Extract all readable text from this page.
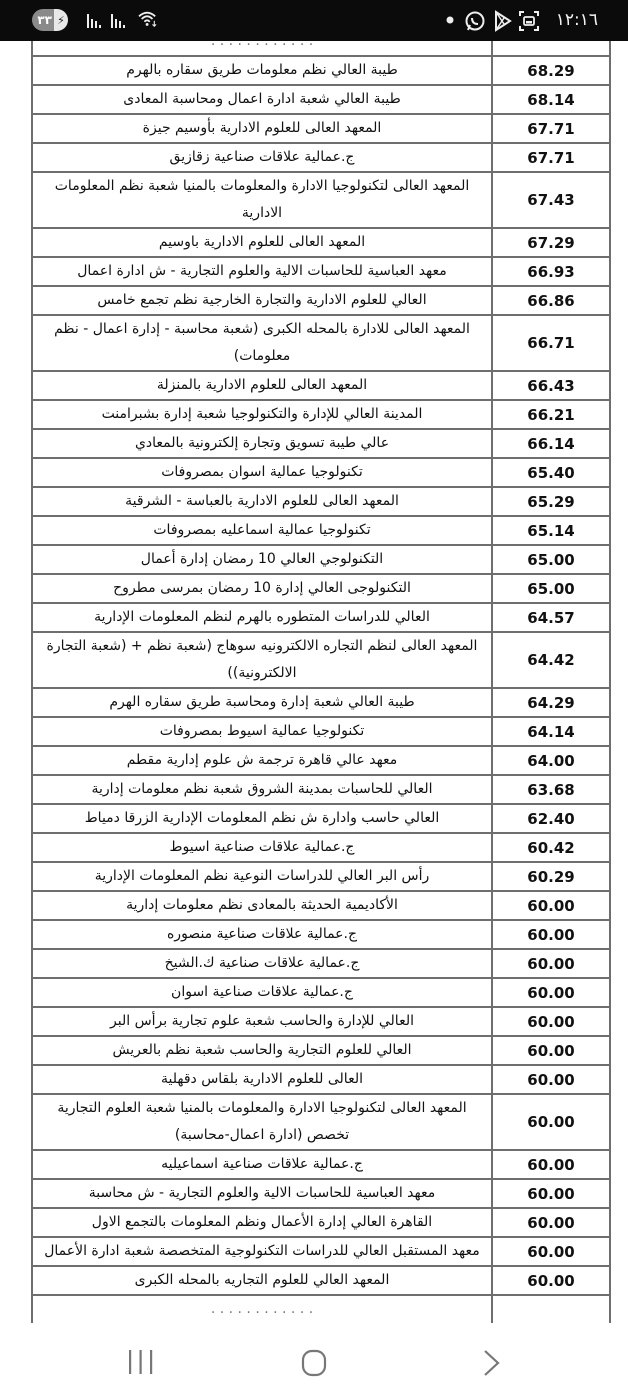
٣٣ ⚡	١٢:١٦
	. . . . . . . . . . . .
68.29	طيبة العالي نظم معلومات طريق سقاره بالهرم
68.14	طيبة العالي شعبة ادارة اعمال ومحاسبة المعادى
67.71	المعهد العالى للعلوم الادارية بأوسيم جيزة
67.71	ج.عمالية علاقات صناعية زقازيق
67.43	المعهد العالى لتكنولوجيا الادارة والمعلومات بالمنيا شعبة نظم المعلومات الادارية
67.29	المعهد العالى للعلوم الادارية باوسيم
66.93	معهد العباسية للحاسبات الالية والعلوم التجارية - ش ادارة اعمال
66.86	العالي للعلوم الادارية والتجارة الخارجية نظم تجمع خامس
66.71	المعهد العالى للادارة بالمحله الكبرى (شعبة محاسبة - إدارة اعمال - نظم معلومات)
66.43	المعهد العالى للعلوم الادارية بالمنزلة
66.21	المدينة العالي للإدارة والتكنولوجيا شعبة إدارة بشبرامنت
66.14	عالي طيبة تسويق وتجارة إلكترونية بالمعادي
65.40	تكنولوجيا عمالية اسوان بمصروفات
65.29	المعهد العالى للعلوم الادارية بالعباسة - الشرقية
65.14	تكنولوجيا عمالية اسماعليه بمصروفات
65.00	التكنولوجي العالي 10 رمضان إدارة أعمال
65.00	التكنولوجى العالي إدارة 10 رمضان بمرسى مطروح
64.57	العالي للدراسات المتطوره بالهرم لنظم المعلومات الإدارية
64.42	المعهد العالى لنظم التجاره الالكترونيه سوهاج (شعبة نظم + (شعبة التجارة الالكترونية))
64.29	طيبة العالي شعبة إدارة ومحاسبة طريق سقاره الهرم
64.14	تكنولوجيا عمالية اسيوط بمصروفات
64.00	معهد عالي قاهرة ترجمة ش علوم إدارية مقطم
63.68	العالي للحاسبات بمدينة الشروق شعبة نظم معلومات إدارية
62.40	العالي حاسب وادارة ش نظم المعلومات الإدارية الزرقا دمياط
60.42	ج.عمالية علاقات صناعية اسيوط
60.29	رأس البر العالي للدراسات النوعية نظم المعلومات الإدارية
60.00	الأكاديمية الحديثة بالمعادى نظم معلومات إدارية
60.00	ج.عمالية علاقات صناعية منصوره
60.00	ج.عمالية علاقات صناعية ك.الشيخ
60.00	ج.عمالية علاقات صناعية اسوان
60.00	العالي للإدارة والحاسب شعبة علوم تجارية برأس البر
60.00	العالي للعلوم التجارية والحاسب شعبة نظم بالعريش
60.00	العالى للعلوم الادارية بلقاس دقهلية
60.00	المعهد العالى لتكنولوجيا الادارة والمعلومات بالمنيا شعبة العلوم التجارية تخصص (ادارة اعمال-محاسبة)
60.00	ج.عمالية علاقات صناعية اسماعيليه
60.00	معهد العباسية للحاسبات الالية والعلوم التجارية - ش محاسبة
60.00	القاهرة العالي إدارة الأعمال ونظم المعلومات بالتجمع الاول
60.00	معهد المستقبل العالي للدراسات التكنولوجية المتخصصة شعبة ادارة الأعمال
60.00	المعهد العالي للعلوم التجاريه بالمحله الكبرى
	. . . . . . . . . . . .
